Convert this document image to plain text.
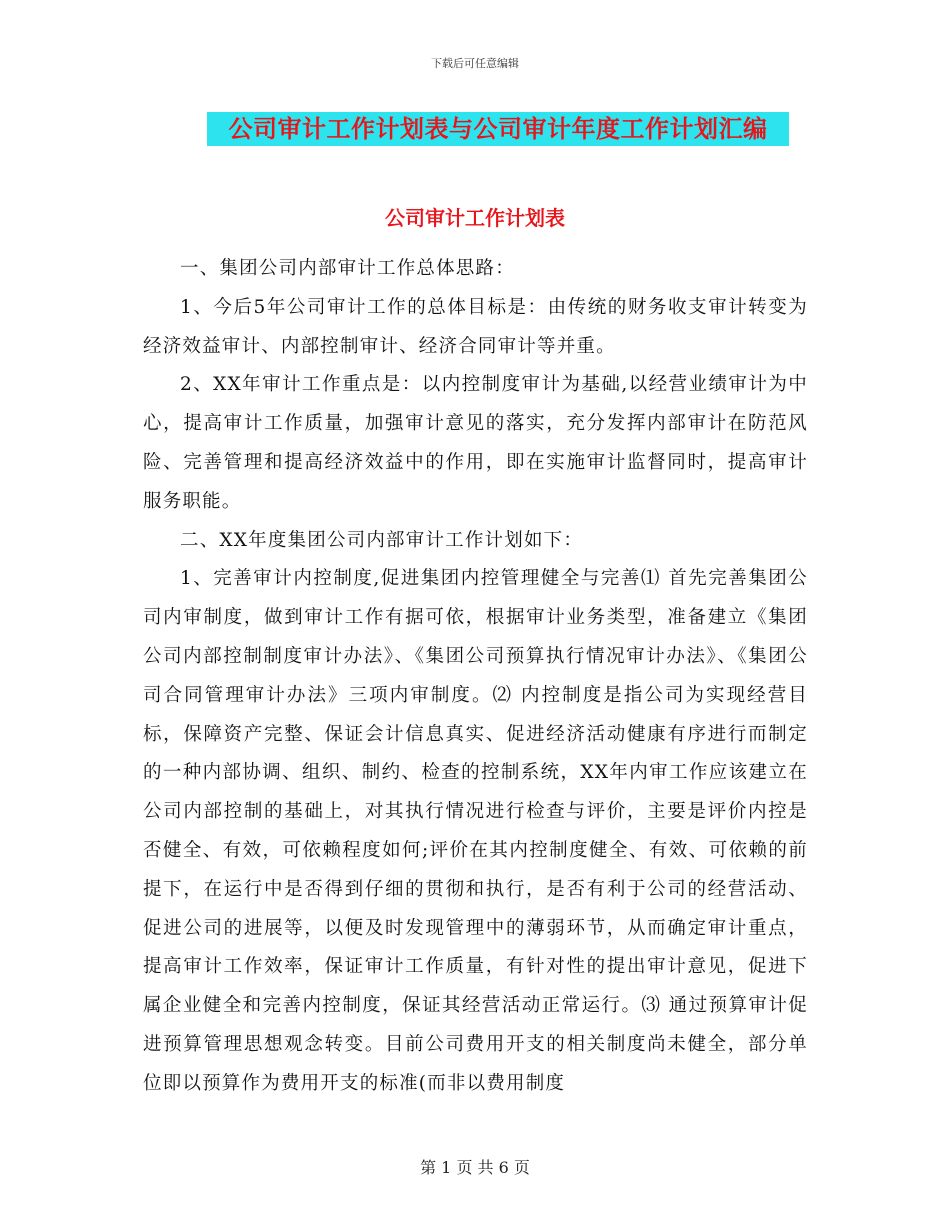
下载后可任意编辑
公司审计工作计划表与公司审计年度工作计划汇编
公司审计工作计划表

一、集团公司内部审计工作总体思路：

1、今后5年公司审计工作的总体目标是：由传统的财务收支审计转变为经济效益审计、内部控制审计、经济合同审计等并重。

2、XX年审计工作重点是：以内控制度审计为基础,以经营业绩审计为中心，提高审计工作质量，加强审计意见的落实，充分发挥内部审计在防范风险、完善管理和提高经济效益中的作用，即在实施审计监督同时，提高审计服务职能。

二、XX年度集团公司内部审计工作计划如下：

1、完善审计内控制度,促进集团内控管理健全与完善⑴ 首先完善集团公司内审制度，做到审计工作有据可依，根据审计业务类型，准备建立《集团公司内部控制制度审计办法》、《集团公司预算执行情况审计办法》、《集团公司合同管理审计办法》三项内审制度。⑵ 内控制度是指公司为实现经营目标，保障资产完整、保证会计信息真实、促进经济活动健康有序进行而制定的一种内部协调、组织、制约、检查的控制系统，XX年内审工作应该建立在公司内部控制的基础上，对其执行情况进行检查与评价，主要是评价内控是否健全、有效，可依赖程度如何;评价在其内控制度健全、有效、可依赖的前提下，在运行中是否得到仔细的贯彻和执行，是否有利于公司的经营活动、促进公司的进展等，以便及时发现管理中的薄弱环节，从而确定审计重点，提高审计工作效率，保证审计工作质量，有针对性的提出审计意见，促进下属企业健全和完善内控制度，保证其经营活动正常运行。⑶ 通过预算审计促进预算管理思想观念转变。目前公司费用开支的相关制度尚未健全，部分单位即以预算作为费用开支的标准(而非以费用制度

第 1 页 共 6 页
